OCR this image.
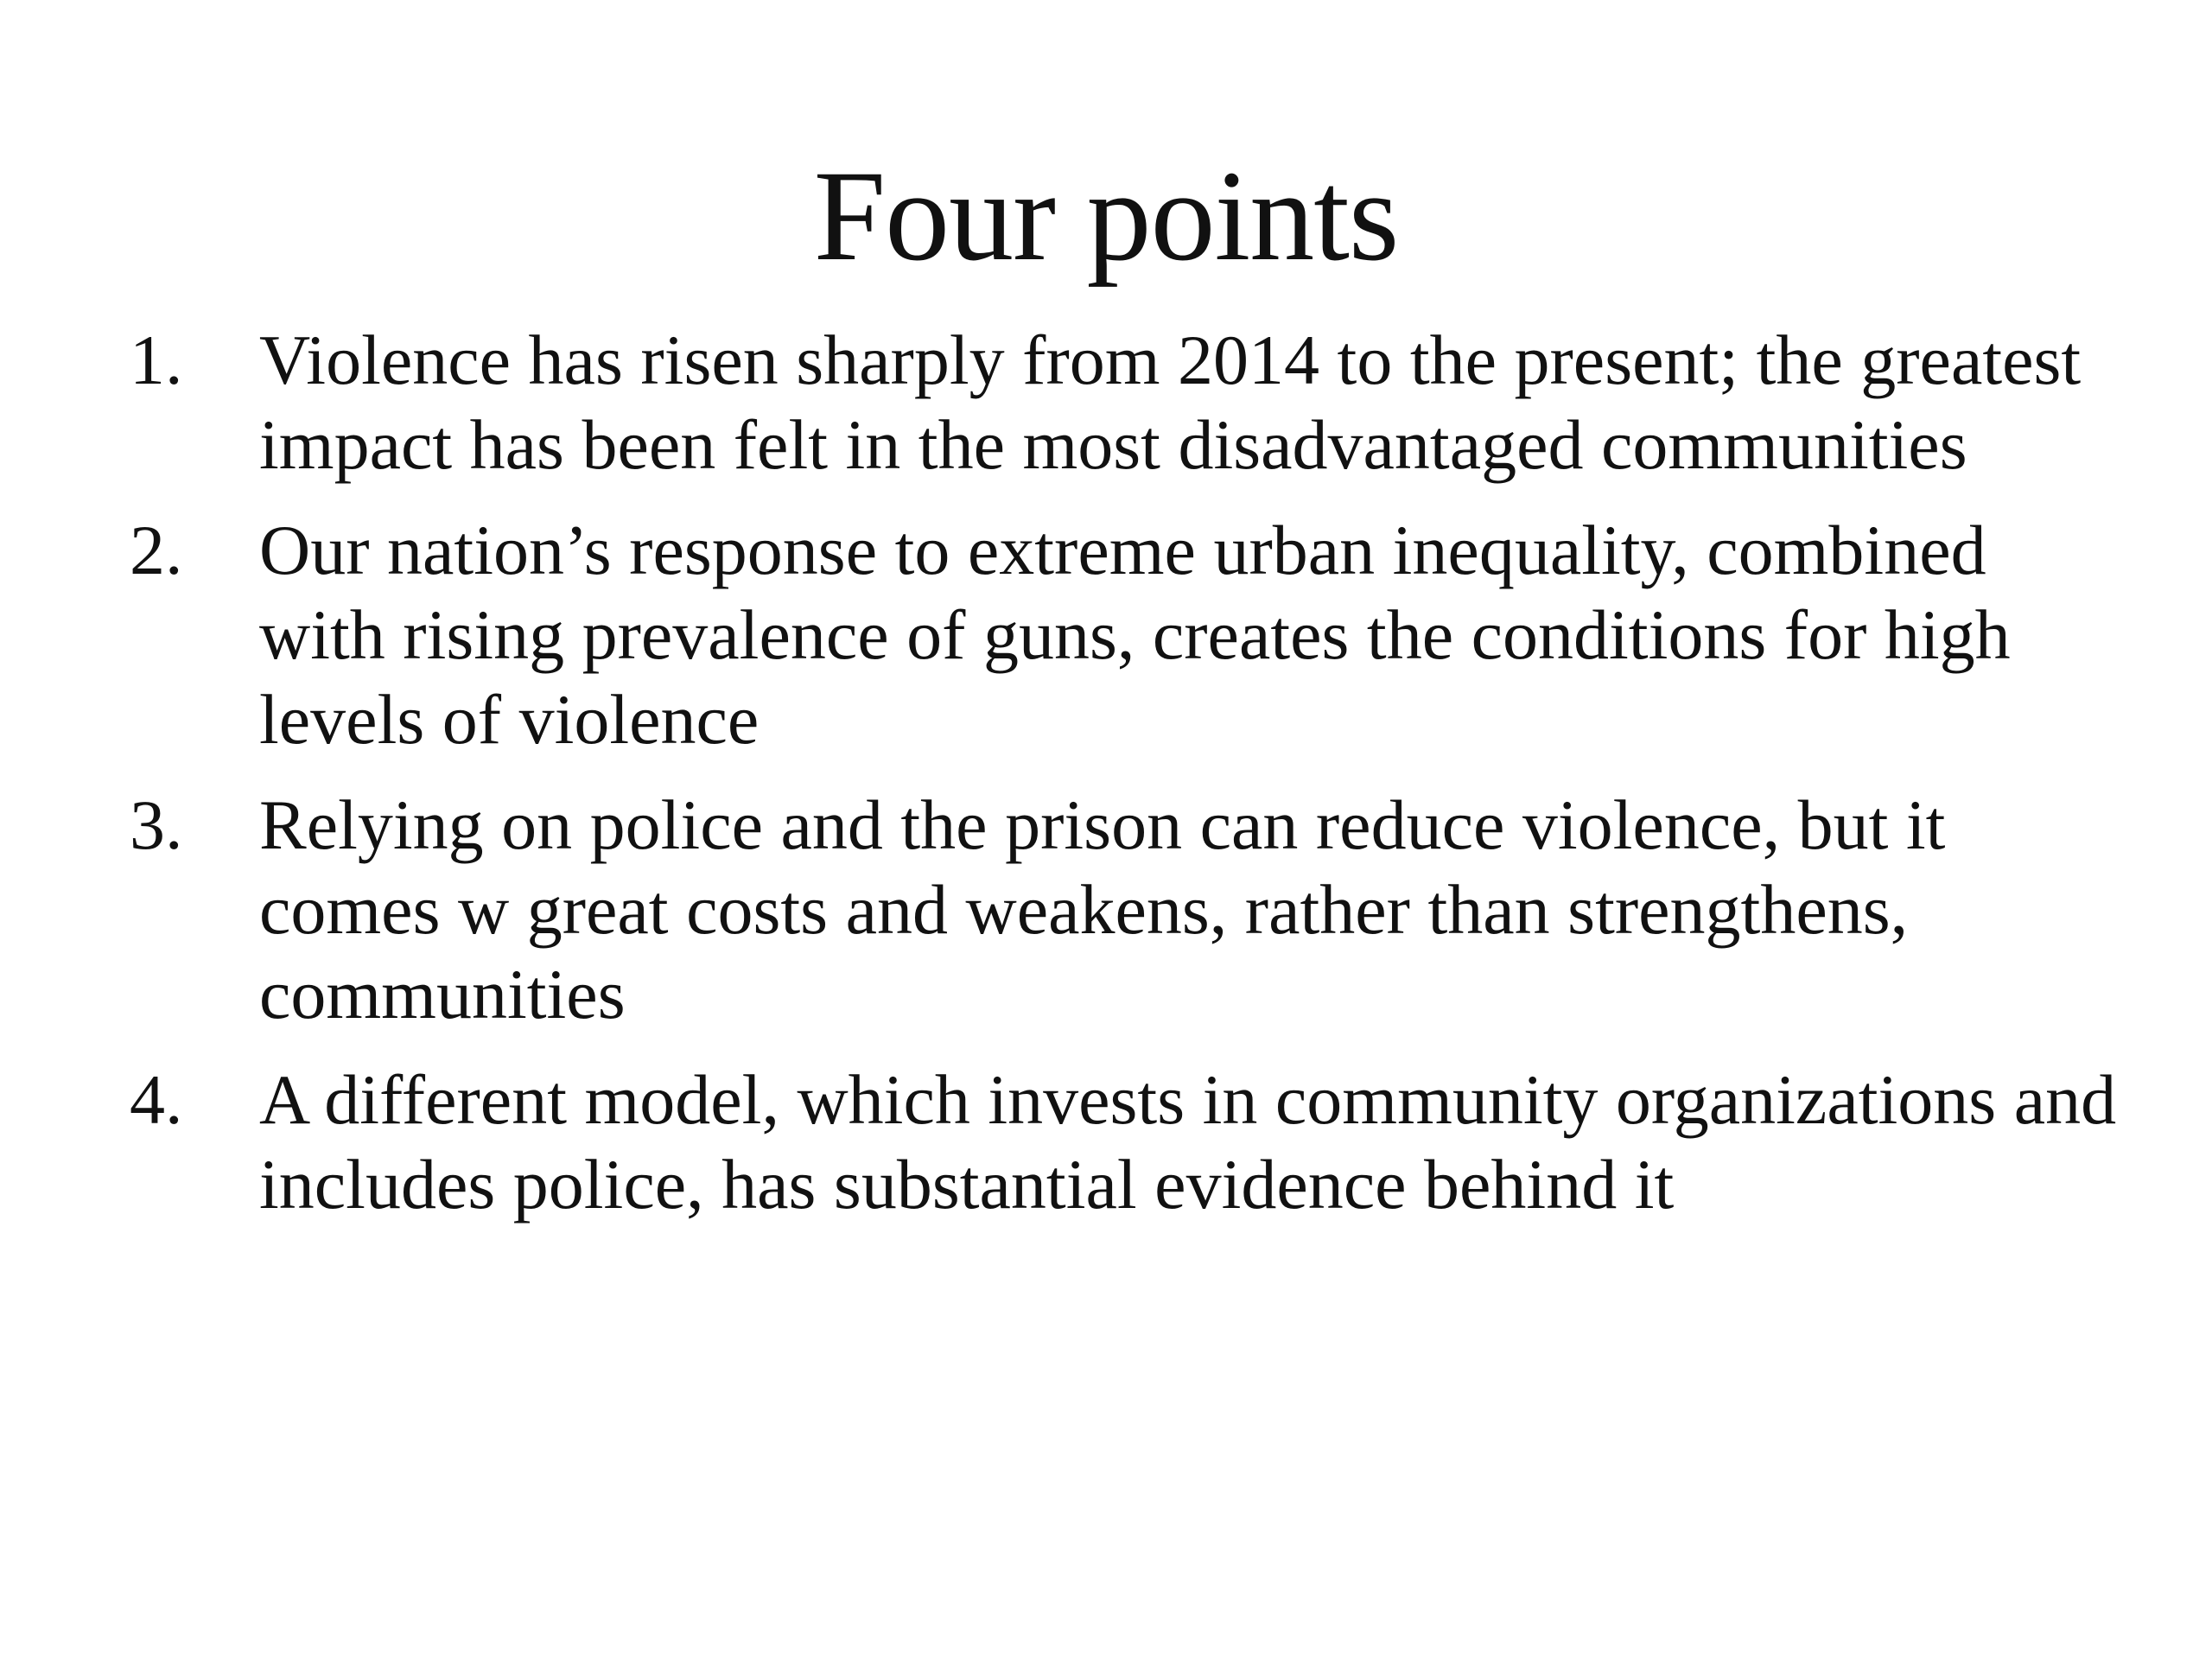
Four points
1.	Violence has risen sharply from 2014 to the present; the greatest impact has been felt in the most disadvantaged communities
2.	Our nation’s response to extreme urban inequality, combined with rising prevalence of guns, creates the conditions for high levels of violence
3.	Relying on police and the prison can reduce violence, but it comes w great costs and weakens, rather than strengthens, communities
4.	A different model, which invests in community organizations and includes police, has substantial evidence behind it
